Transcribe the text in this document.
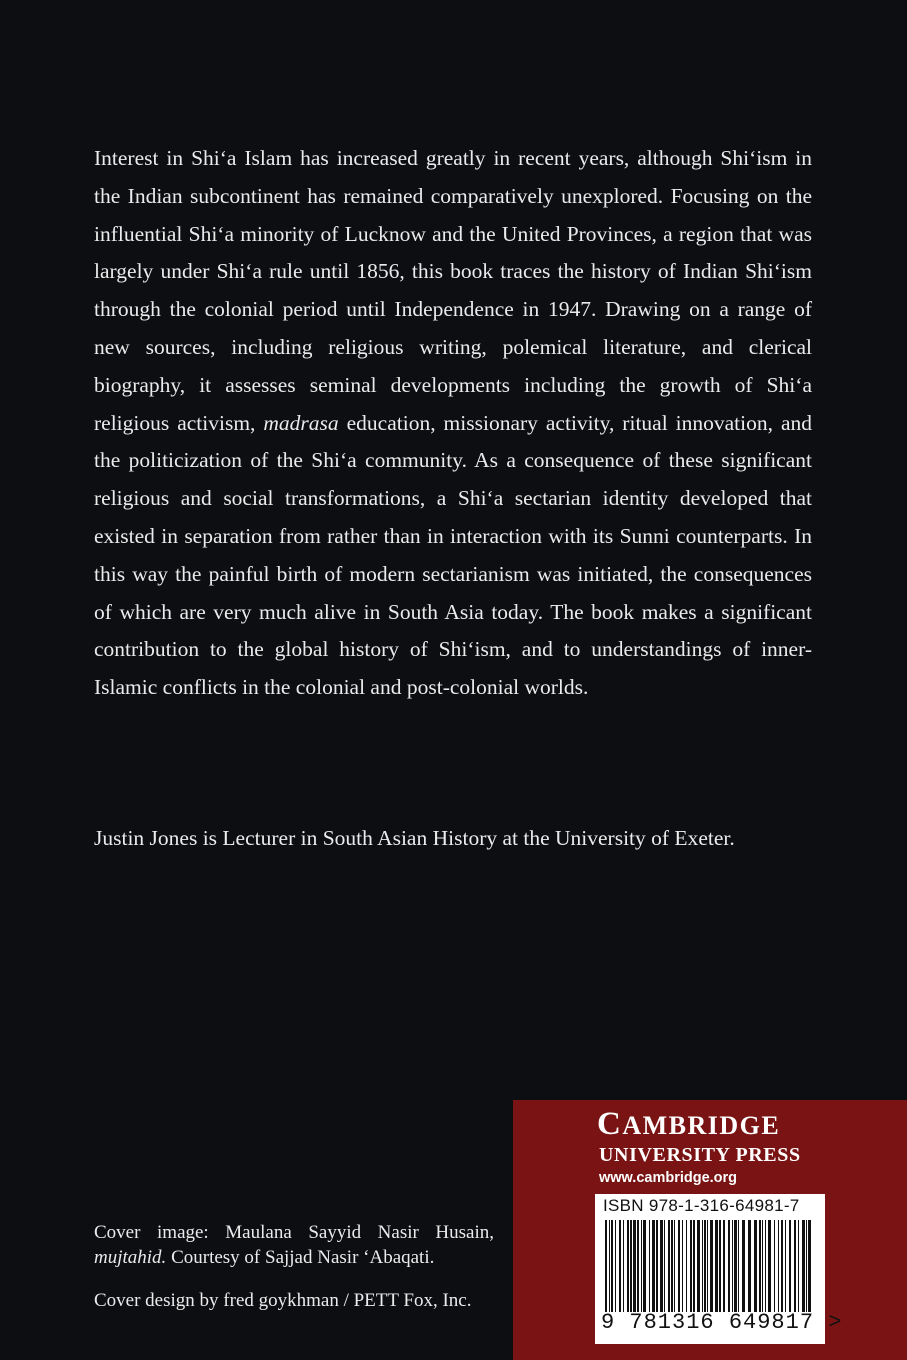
Interest in Shi‘a Islam has increased greatly in recent years, although Shi‘ism in the Indian subcontinent has remained comparatively unexplored. Focusing on the influential Shi‘a minority of Lucknow and the United Provinces, a region that was largely under Shi‘a rule until 1856, this book traces the history of Indian Shi‘ism through the colonial period until Independence in 1947. Drawing on a range of new sources, including religious writing, polemical literature, and clerical biography, it assesses seminal developments including the growth of Shi‘a religious activism, madrasa education, missionary activity, ritual innovation, and the politicization of the Shi‘a community. As a consequence of these significant religious and social transformations, a Shi‘a sectarian identity developed that existed in separation from rather than in interaction with its Sunni counterparts. In this way the painful birth of modern sectarianism was initiated, the consequences of which are very much alive in South Asia today. The book makes a significant contribution to the global history of Shi‘ism, and to understandings of inner-Islamic conflicts in the colonial and post-colonial worlds.

Justin Jones is Lecturer in South Asian History at the University of Exeter.

Cover image: Maulana Sayyid Nasir Husain, mujtahid. Courtesy of Sajjad Nasir ‘Abaqati.

Cover design by fred goykhman / PETT Fox, Inc.

CAMBRIDGE

UNIVERSITY PRESS

www.cambridge.org

ISBN 978-1-316-64981-7

9 781316 649817 >
